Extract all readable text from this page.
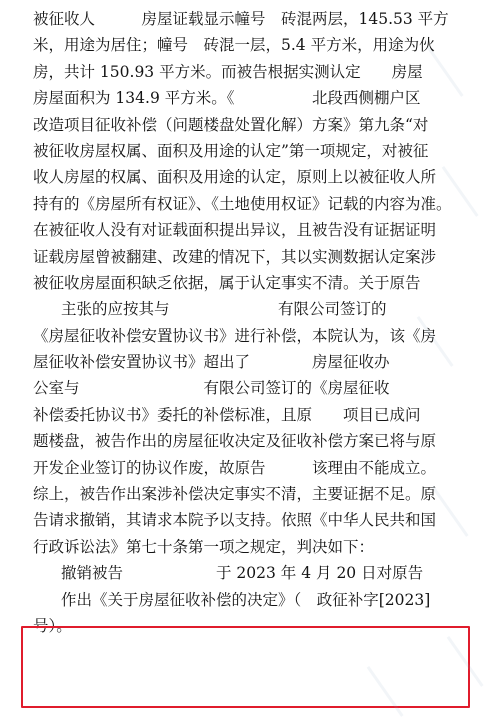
被征收人　　　房屋证载显示幢号　砖混两层，145.53 平方
米，用途为居住；幢号　砖混一层，5.4 平方米，用途为伙
房，共计 150.93 平方米。而被告根据实测认定　　房屋
房屋面积为 134.9 平方米。《　　　　　北段西侧棚户区
改造项目征收补偿（问题楼盘处置化解）方案》第九条“对
被征收房屋权属、面积及用途的认定”第一项规定，对被征
收人房屋的权属、面积及用途的认定，原则上以被征收人所
持有的《房屋所有权证》、《土地使用权证》记载的内容为准。
在被征收人没有对证载面积提出异议，且被告没有证据证明
证载房屋曾被翻建、改建的情况下，其以实测数据认定案涉
被征收房屋面积缺乏依据，属于认定事实不清。关于原告
主张的应按其与　　　　　　　有限公司签订的
《房屋征收补偿安置协议书》进行补偿，本院认为，该《房
屋征收补偿安置协议书》超出了　　　　房屋征收办
公室与　　　　　　　　有限公司签订的《房屋征收
补偿委托协议书》委托的补偿标准，且原　　项目已成问
题楼盘，被告作出的房屋征收决定及征收补偿方案已将与原
开发企业签订的协议作废，故原告　　　该理由不能成立。
综上，被告作出案涉补偿决定事实不清，主要证据不足。原
告请求撤销，其请求本院予以支持。依照《中华人民共和国
行政诉讼法》第七十条第一项之规定，判决如下：
撤销被告　　　　　　于 2023 年 4 月 20 日对原告
作出《关于房屋征收补偿的决定》（　政征补字[2023]
号）。
